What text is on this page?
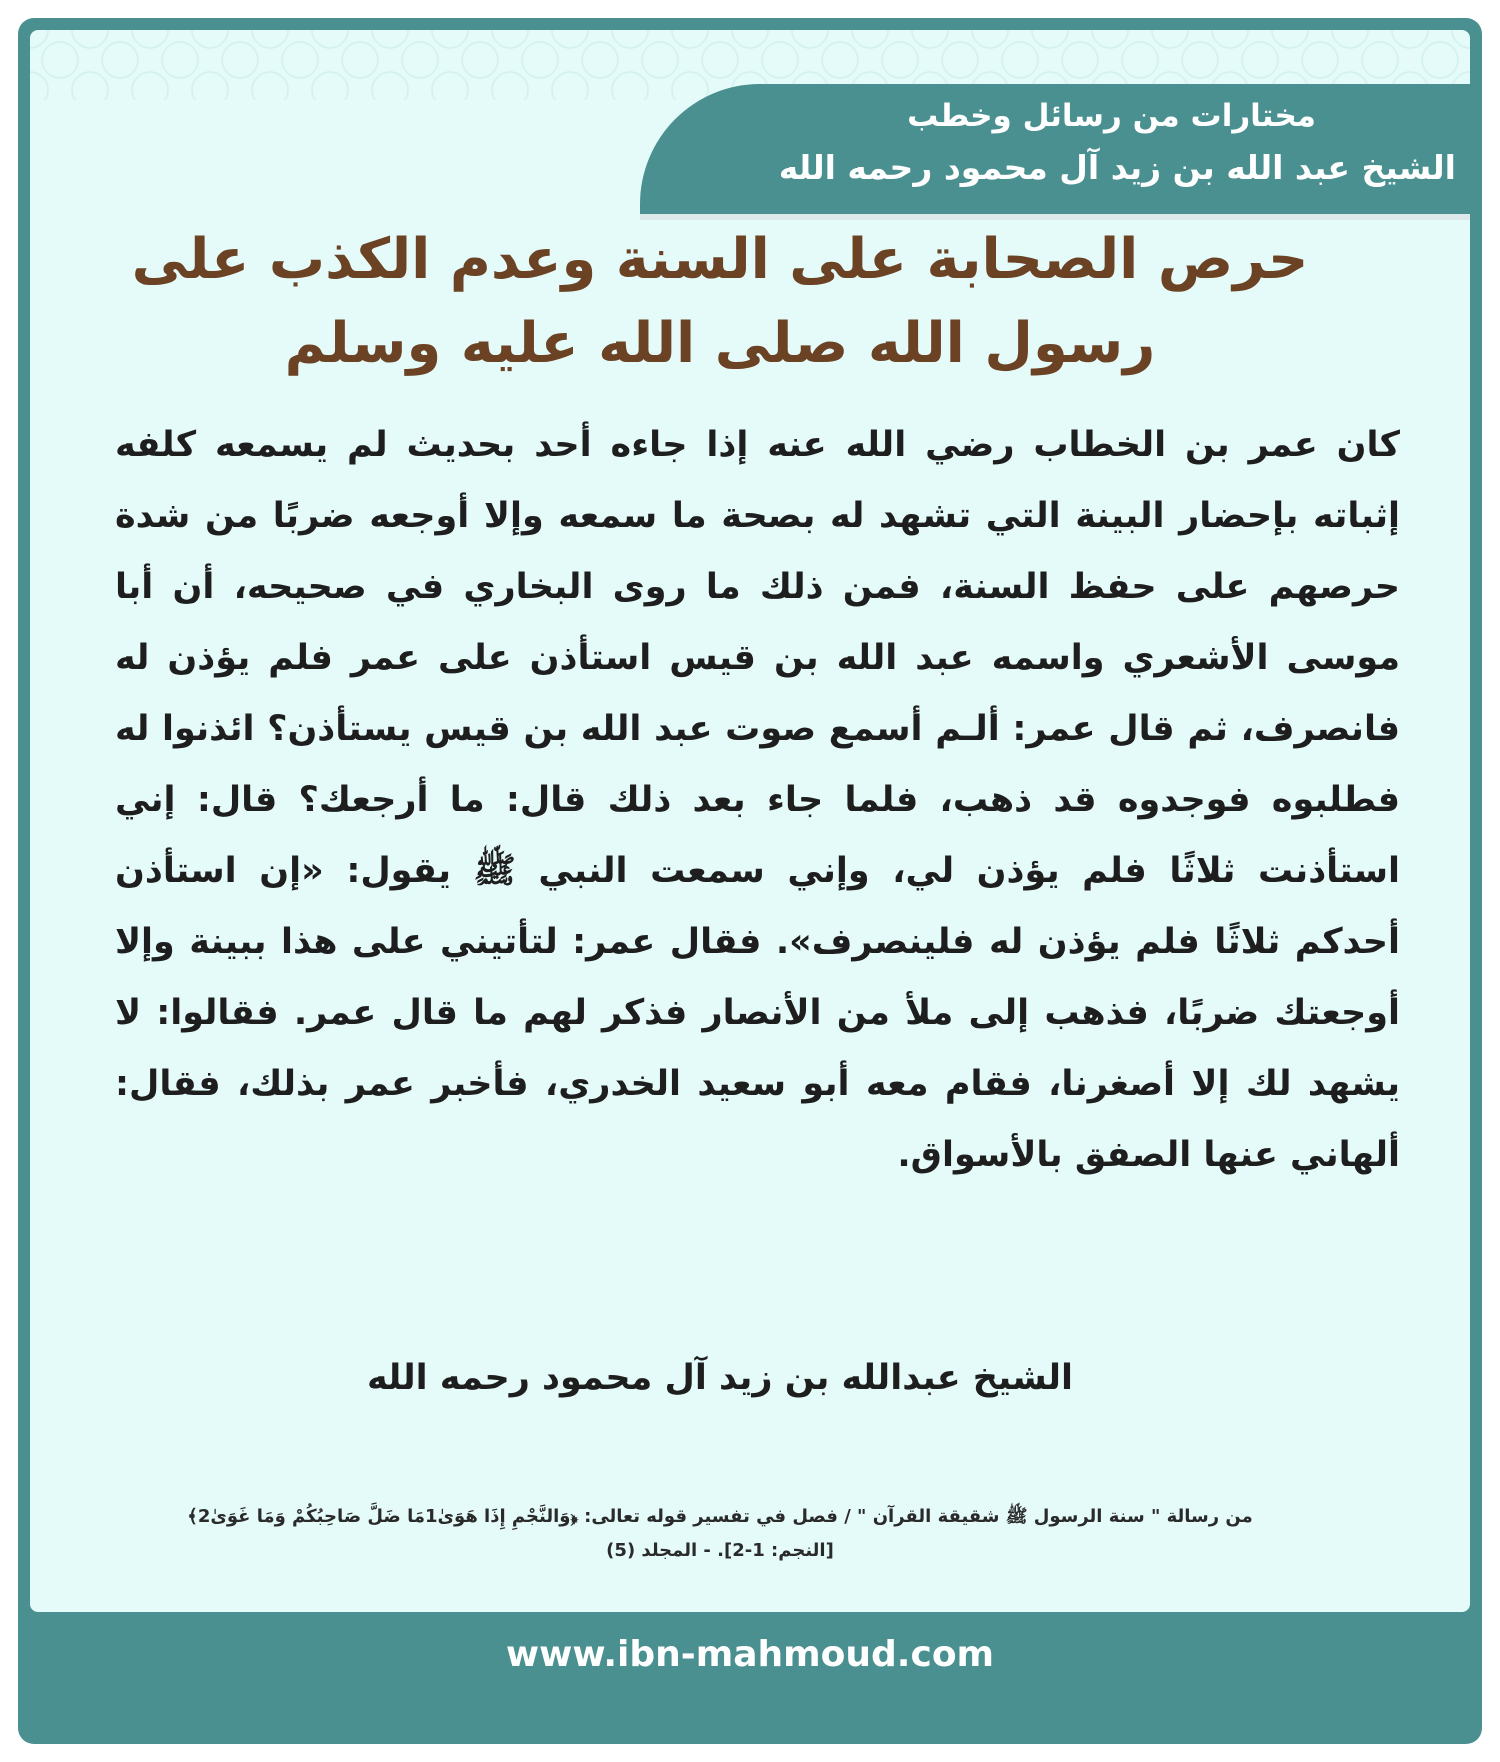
مختارات من رسائل وخطب
الشيخ عبد الله بن زيد آل محمود رحمه الله
حرص الصحابة على السنة وعدم الكذب على رسول الله صلى الله عليه وسلم
كان عمر بن الخطاب رضي الله عنه إذا جاءه أحد بحديث لم يسمعه كلفه إثباته بإحضار البينة التي تشهد له بصحة ما سمعه وإلا أوجعه ضربًا من شدة حرصهم على حفظ السنة، فمن ذلك ما روى البخاري في صحيحه، أن أبا موسى الأشعري واسمه عبد الله بن قيس استأذن على عمر فلم يؤذن له فانصرف، ثم قال عمر: ألـم أسمع صوت عبد الله بن قيس يستأذن؟ ائذنوا له فطلبوه فوجدوه قد ذهب، فلما جاء بعد ذلك قال: ما أرجعك؟ قال: إني استأذنت ثلاثًا فلم يؤذن لي، وإني سمعت النبي ﷺ يقول: «إن استأذن أحدكم ثلاثًا فلم يؤذن له فلينصرف». فقال عمر: لتأتيني على هذا ببينة وإلا أوجعتك ضربًا، فذهب إلى ملأ من الأنصار فذكر لهم ما قال عمر. فقالوا: لا يشهد لك إلا أصغرنا، فقام معه أبو سعيد الخدري، فأخبر عمر بذلك، فقال: ألهاني عنها الصفق بالأسواق.
الشيخ عبدالله بن زيد آل محمود رحمه الله
من رسالة " سنة الرسول ﷺ شقيقة القرآن " / فصل في تفسير قوله تعالى: ﴿وَالنَّجْمِ إِذَا هَوَىٰ1مَا ضَلَّ صَاحِبُكُمْ وَمَا غَوَىٰ2﴾
[النجم: 1-2]. - المجلد (5)
www.ibn-mahmoud.com
